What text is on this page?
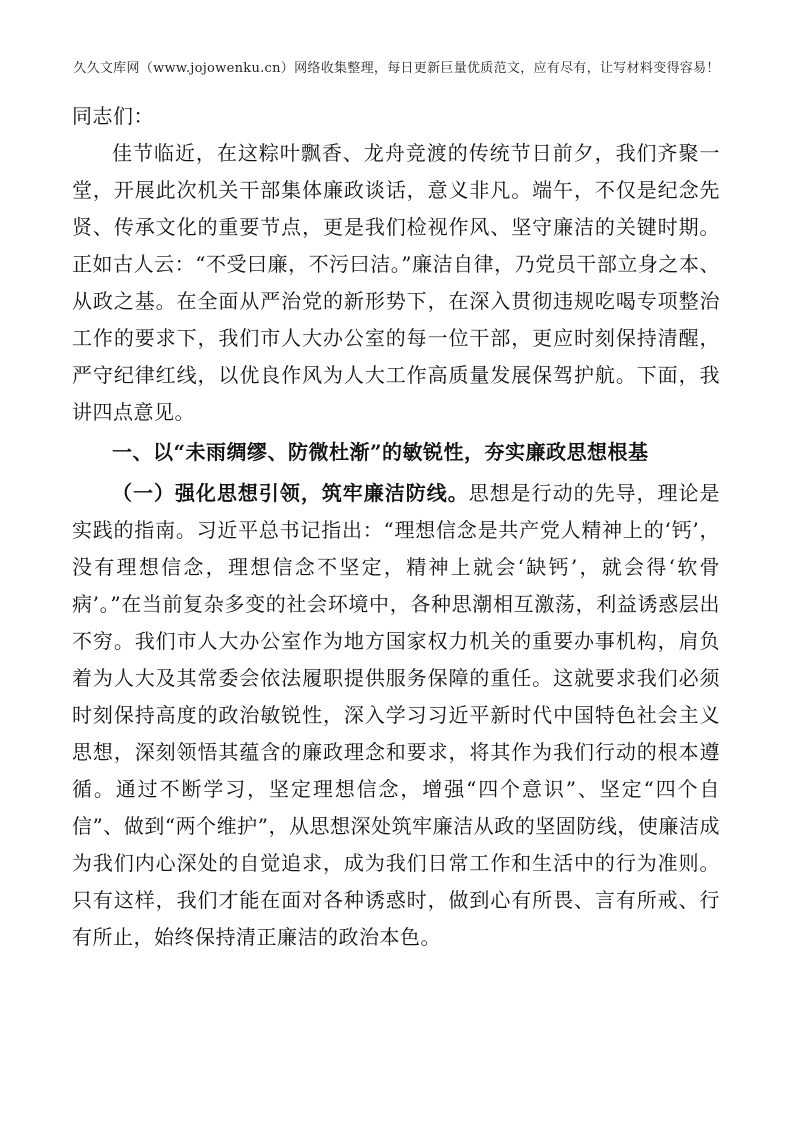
久久文库网（www.jojowenku.cn）网络收集整理，每日更新巨量优质范文，应有尽有，让写材料变得容易！

同志们：

佳节临近，在这粽叶飘香、龙舟竞渡的传统节日前夕，我们齐聚一堂，开展此次机关干部集体廉政谈话，意义非凡。端午，不仅是纪念先贤、传承文化的重要节点，更是我们检视作风、坚守廉洁的关键时期。正如古人云：“不受曰廉，不污曰洁。”廉洁自律，乃党员干部立身之本、从政之基。在全面从严治党的新形势下，在深入贯彻违规吃喝专项整治工作的要求下，我们市人大办公室的每一位干部，更应时刻保持清醒，严守纪律红线，以优良作风为人大工作高质量发展保驾护航。下面，我讲四点意见。

一、以“未雨绸缪、防微杜渐”的敏锐性，夯实廉政思想根基

（一）强化思想引领，筑牢廉洁防线。思想是行动的先导，理论是实践的指南。习近平总书记指出：“理想信念是共产党人精神上的‘钙’，没有理想信念，理想信念不坚定，精神上就会‘缺钙’，就会得‘软骨病’。”在当前复杂多变的社会环境中，各种思潮相互激荡，利益诱惑层出不穷。我们市人大办公室作为地方国家权力机关的重要办事机构，肩负着为人大及其常委会依法履职提供服务保障的重任。这就要求我们必须时刻保持高度的政治敏锐性，深入学习习近平新时代中国特色社会主义思想，深刻领悟其蕴含的廉政理念和要求，将其作为我们行动的根本遵循。通过不断学习，坚定理想信念，增强“四个意识”、坚定“四个自信”、做到“两个维护”，从思想深处筑牢廉洁从政的坚固防线，使廉洁成为我们内心深处的自觉追求，成为我们日常工作和生活中的行为准则。只有这样，我们才能在面对各种诱惑时，做到心有所畏、言有所戒、行有所止，始终保持清正廉洁的政治本色。
